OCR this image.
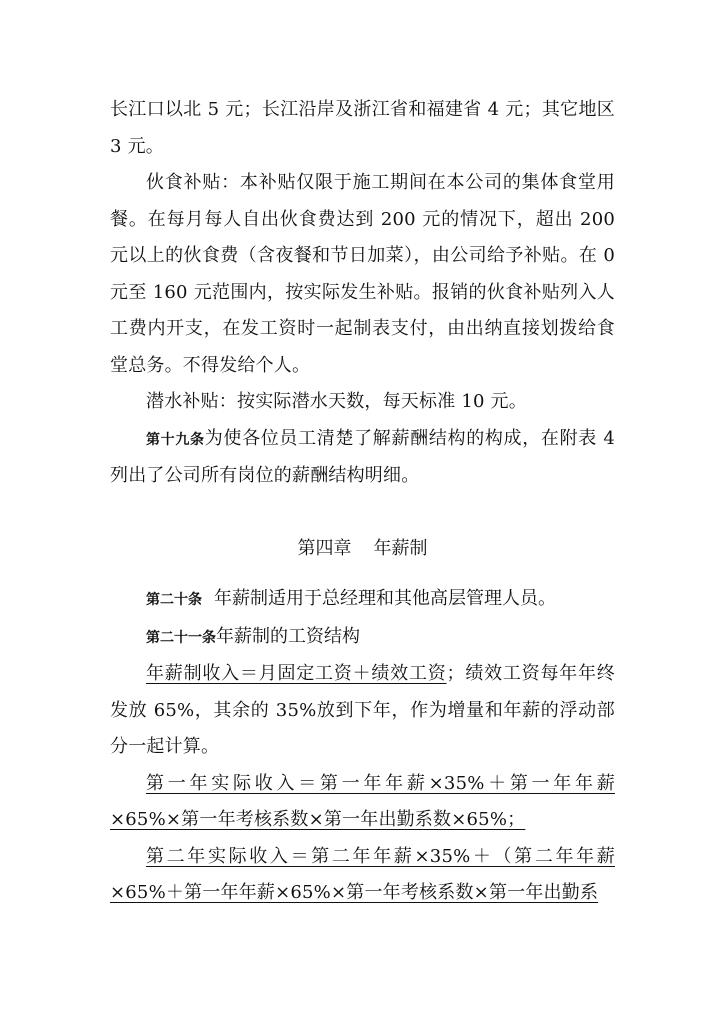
长江口以北 5 元；长江沿岸及浙江省和福建省 4 元；其它地区 3 元。

伙食补贴：本补贴仅限于施工期间在本公司的集体食堂用餐。在每月每人自出伙食费达到 200 元的情况下，超出 200 元以上的伙食费（含夜餐和节日加菜），由公司给予补贴。在 0 元至 160 元范围内，按实际发生补贴。报销的伙食补贴列入人工费内开支，在发工资时一起制表支付，由出纳直接划拨给食堂总务。不得发给个人。

潜水补贴：按实际潜水天数，每天标准 10 元。

第十九条为使各位员工清楚了解薪酬结构的构成，在附表 4 列出了公司所有岗位的薪酬结构明细。

第四章 年薪制

第二十条 年薪制适用于总经理和其他高层管理人员。

第二十一条年薪制的工资结构

年薪制收入＝月固定工资＋绩效工资；绩效工资每年年终发放 65%，其余的 35%放到下年，作为增量和年薪的浮动部分一起计算。

第一年实际收入＝第一年年薪×35%＋第一年年薪×65%×第一年考核系数×第一年出勤系数×65%；

第二年实际收入＝第二年年薪×35%＋（第二年年薪×65%＋第一年年薪×65%×第一年考核系数×第一年出勤系
